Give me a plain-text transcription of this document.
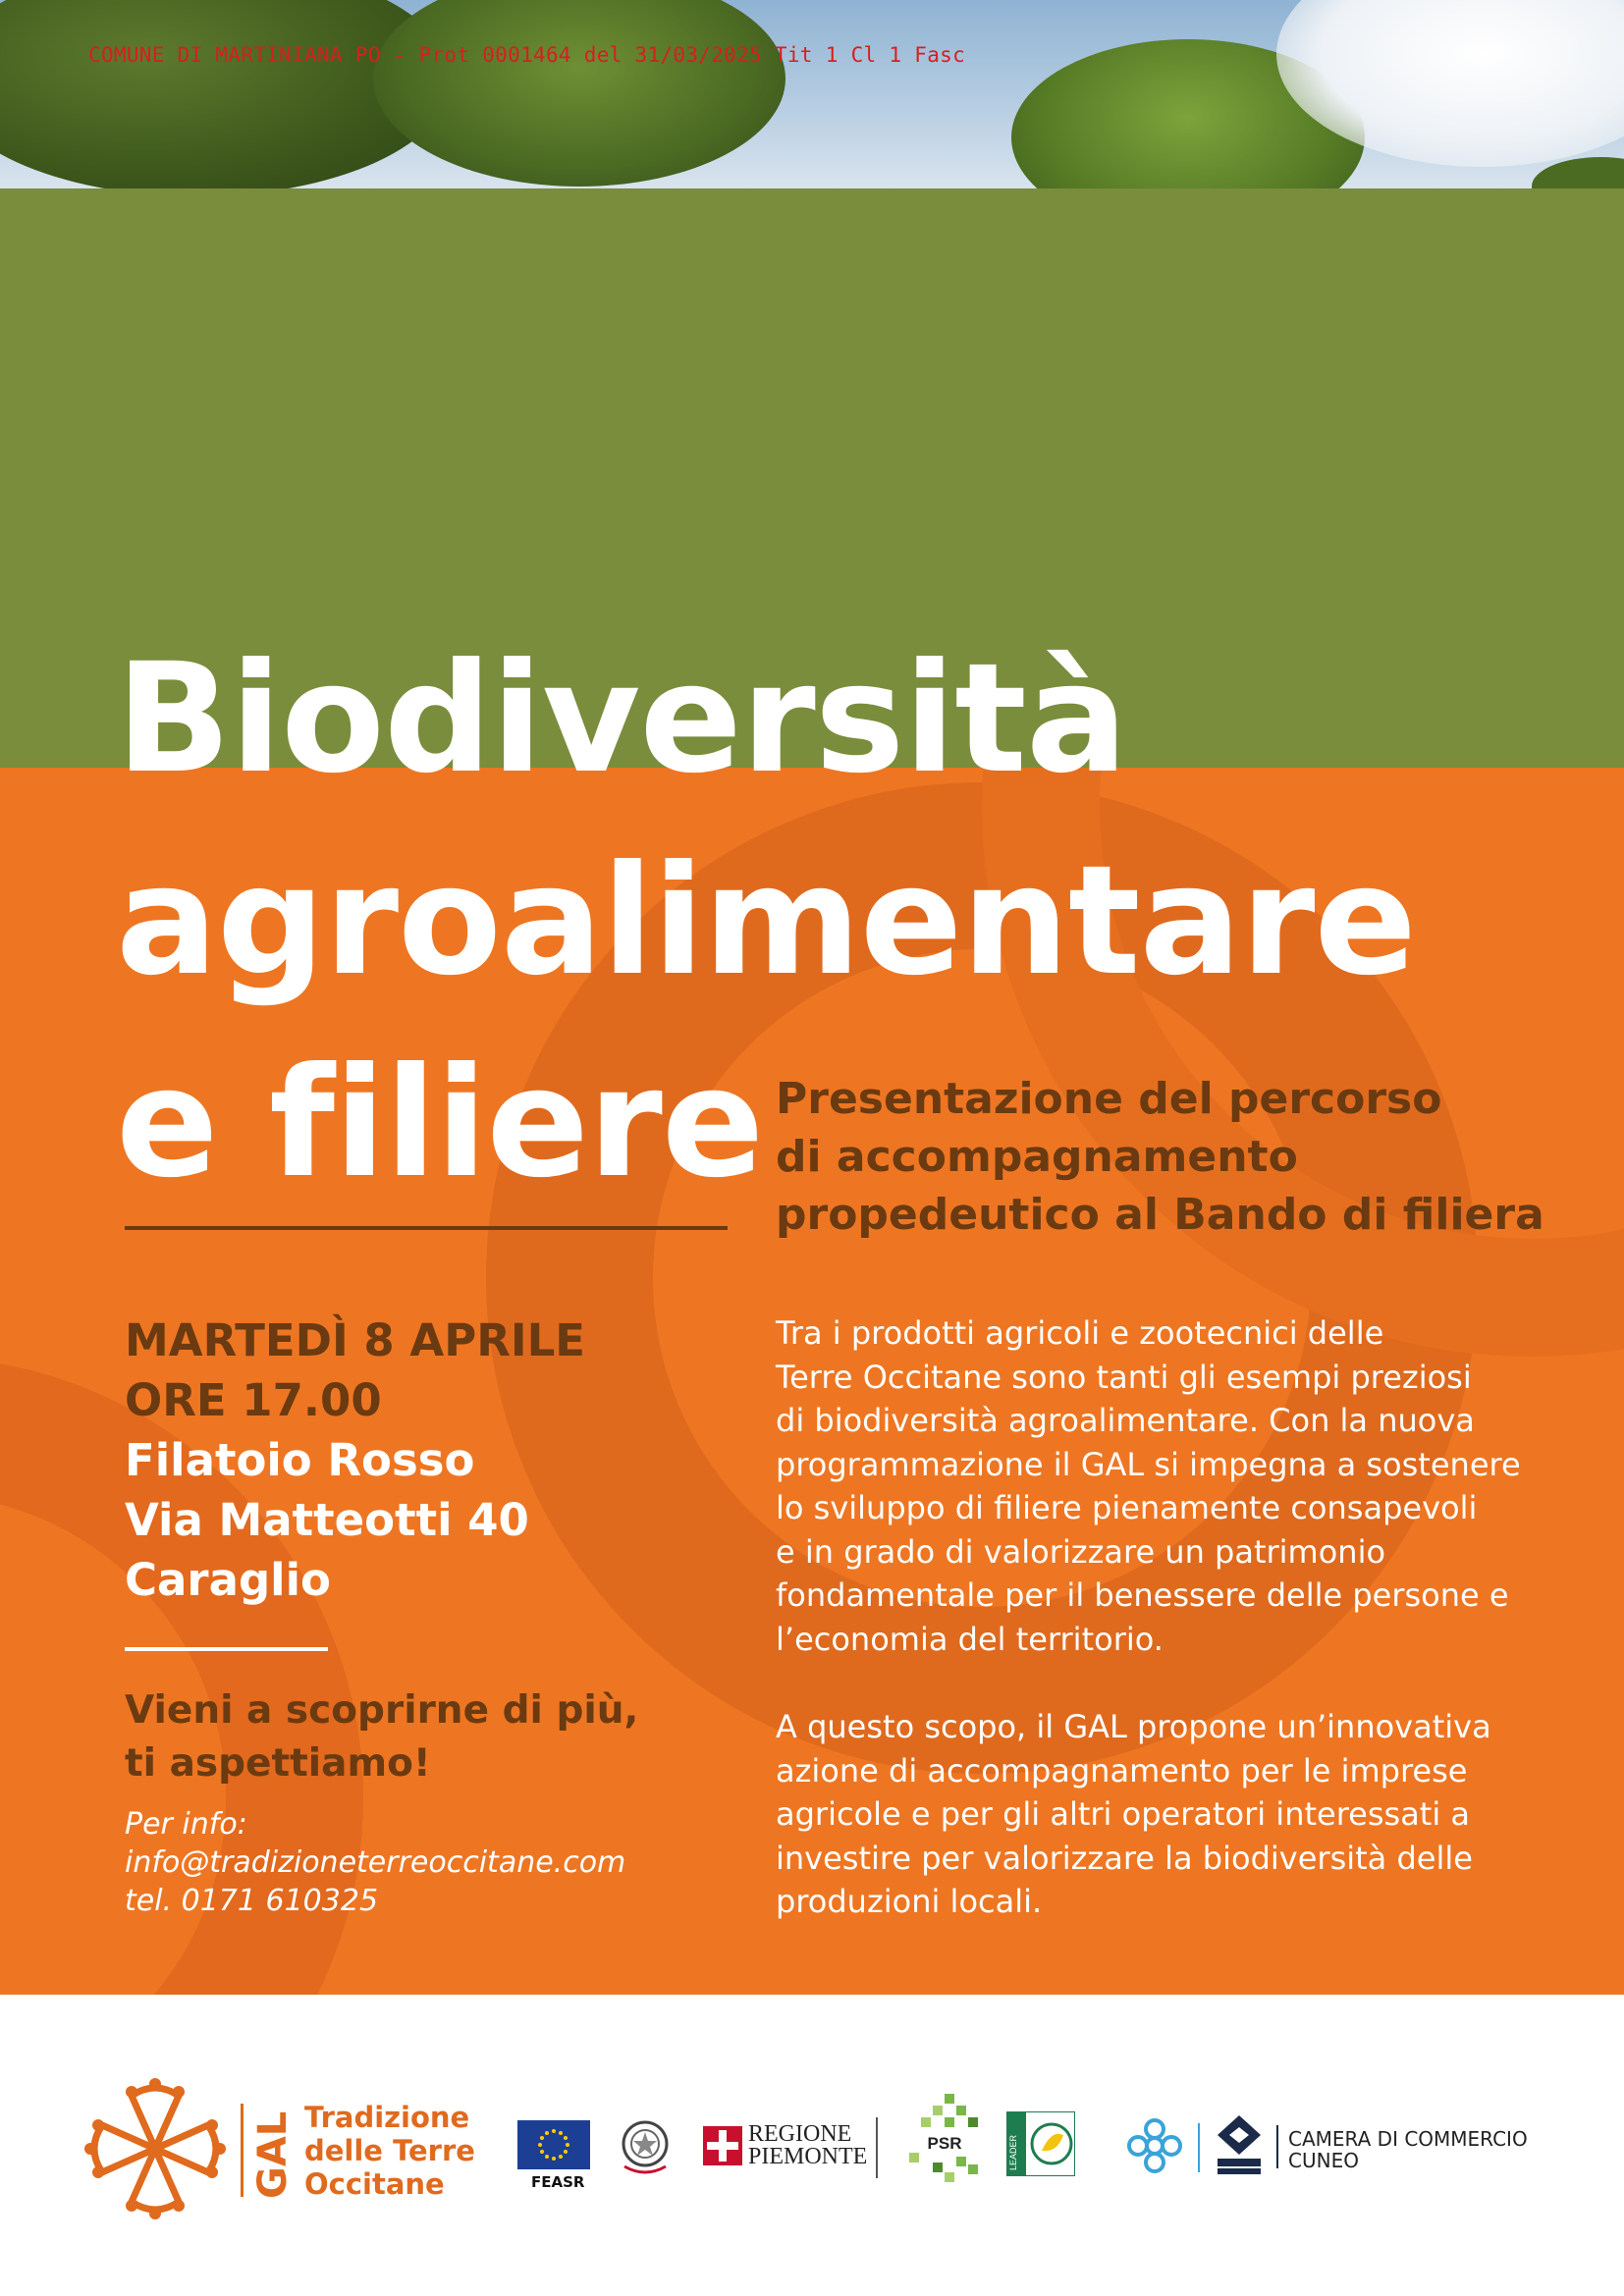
COMUNE DI MARTINIANA PO - Prot 0001464 del 31/03/2025 Tit 1 Cl 1 Fasc
Biodiversità
agroalimentare
e filiere Presentazione del percorso
di accompagnamento
propedeutico al Bando di filiera
MARTEDÌ 8 APRILE
ORE 17.00
Filatoio Rosso
Via Matteotti 40
Caraglio
Vieni a scoprirne di più,
ti aspettiamo!
Per info:
info@tradizioneterreoccitane.com
tel. 0171 610325
Tra i prodotti agricoli e zootecnici delle
Terre Occitane sono tanti gli esempi preziosi
di biodiversità agroalimentare. Con la nuova
programmazione il GAL si impegna a sostenere
lo sviluppo di filiere pienamente consapevoli
e in grado di valorizzare un patrimonio
fondamentale per il benessere delle persone e
l’economia del territorio.
A questo scopo, il GAL propone un’innovativa
azione di accompagnamento per le imprese
agricole e per gli altri operatori interessati a
investire per valorizzare la biodiversità delle
produzioni locali.
GAL Tradizione
delle Terre
Occitane	FEASR
REGIONE
PIEMONTE
PSR	LEADER	CAMERA DI COMMERCIO
CUNEO
